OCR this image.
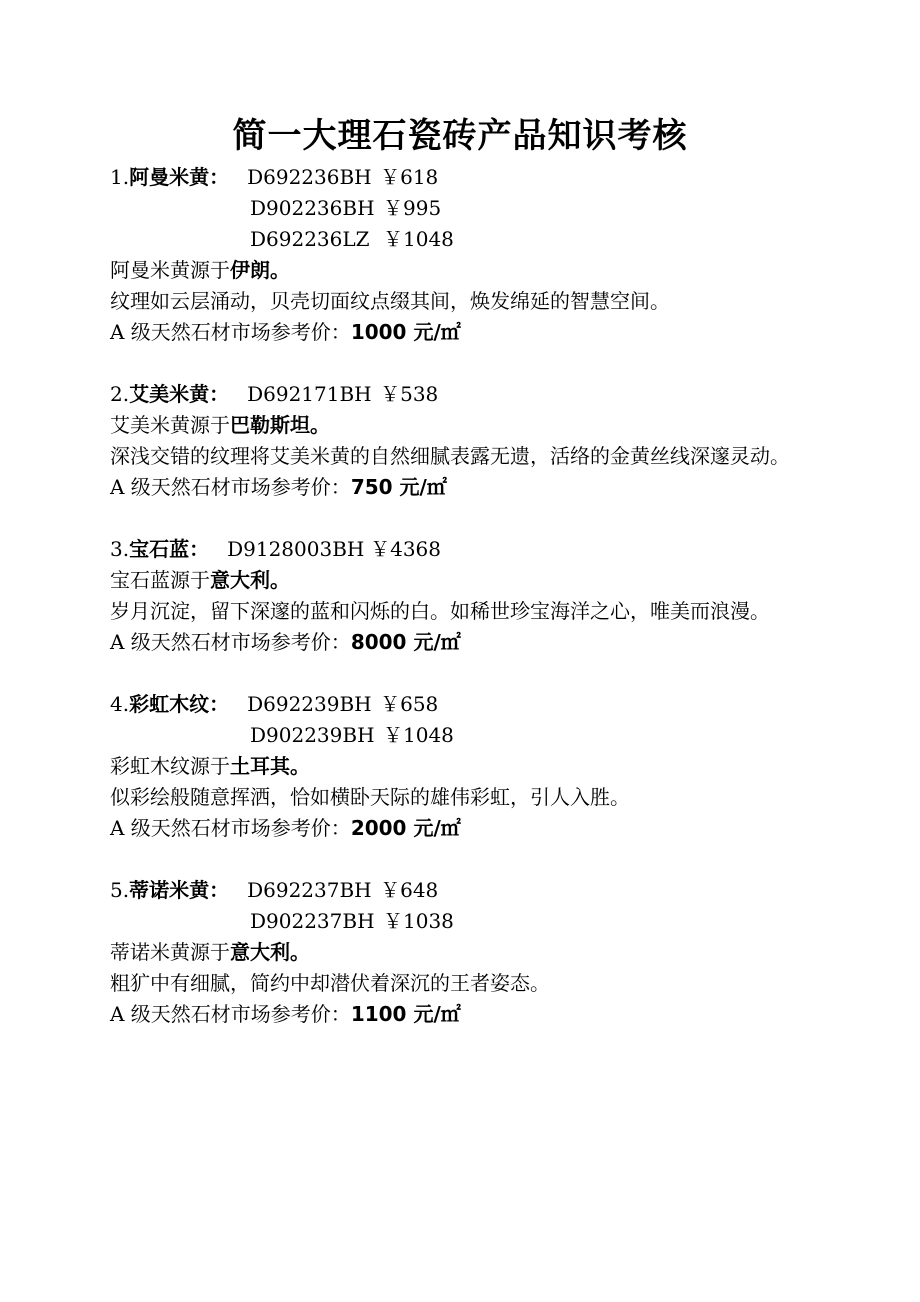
简一大理石瓷砖产品知识考核
1.阿曼米黄： D692236BH ￥618
D902236BH ￥995
D692236LZ ￥1048
阿曼米黄源于伊朗。
纹理如云层涌动，贝壳切面纹点缀其间，焕发绵延的智慧空间。
A 级天然石材市场参考价：1000 元/㎡
2.艾美米黄： D692171BH ￥538
艾美米黄源于巴勒斯坦。
深浅交错的纹理将艾美米黄的自然细腻表露无遗，活络的金黄丝线深邃灵动。
A 级天然石材市场参考价：750 元/㎡
3.宝石蓝： D9128003BH ￥4368
宝石蓝源于意大利。
岁月沉淀，留下深邃的蓝和闪烁的白。如稀世珍宝海洋之心，唯美而浪漫。
A 级天然石材市场参考价：8000 元/㎡
4.彩虹木纹： D692239BH ￥658
D902239BH ￥1048
彩虹木纹源于土耳其。
似彩绘般随意挥洒，恰如横卧天际的雄伟彩虹，引人入胜。
A 级天然石材市场参考价：2000 元/㎡
5.蒂诺米黄： D692237BH ￥648
D902237BH ￥1038
蒂诺米黄源于意大利。
粗犷中有细腻，简约中却潜伏着深沉的王者姿态。
A 级天然石材市场参考价：1100 元/㎡
